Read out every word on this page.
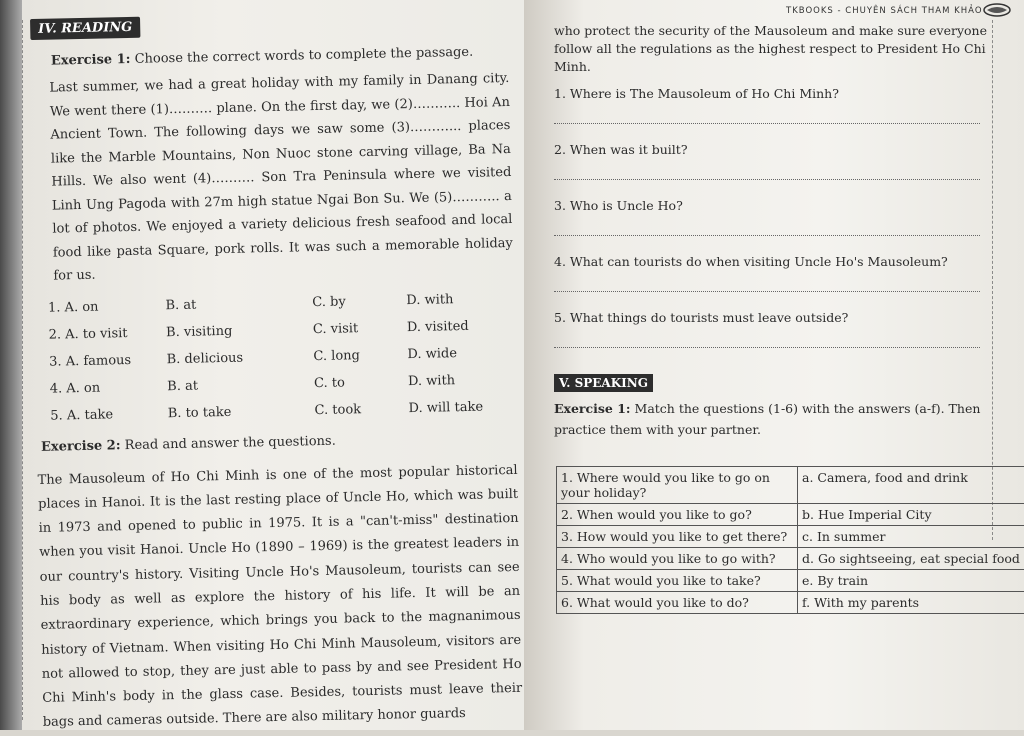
TKBOOKS - CHUYÊN SÁCH THAM KHẢO
IV. READING
Exercise 1: Choose the correct words to complete the passage.
Last summer, we had a great holiday with my family in Danang city. We went there (1)………. plane. On the first day, we (2)……….. Hoi An Ancient Town. The following days we saw some (3)………... places like the Marble Mountains, Non Nuoc stone carving village, Ba Na Hills. We also went (4)………. Son Tra Peninsula where we visited Linh Ung Pagoda with 27m high statue Ngai Bon Su. We (5)……….. a lot of photos. We enjoyed a variety delicious fresh seafood and local food like pasta Square, pork rolls. It was such a memorable holiday for us.
1. A. on	B. at	C. by	D. with
2. A. to visit	B. visiting	C. visit	D. visited
3. A. famous	B. delicious	C. long	D. wide
4. A. on	B. at	C. to	D. with
5. A. take	B. to take	C. took	D. will take
Exercise 2: Read and answer the questions.
The Mausoleum of Ho Chi Minh is one of the most popular historical places in Hanoi. It is the last resting place of Uncle Ho, which was built in 1973 and opened to public in 1975. It is a "can't-miss" destination when you visit Hanoi. Uncle Ho (1890 – 1969) is the greatest leaders in our country's history. Visiting Uncle Ho's Mausoleum, tourists can see his body as well as explore the history of his life. It will be an extraordinary experience, which brings you back to the magnanimous history of Vietnam. When visiting Ho Chi Minh Mausoleum, visitors are not allowed to stop, they are just able to pass by and see President Ho Chi Minh's body in the glass case. Besides, tourists must leave their bags and cameras outside. There are also military honor guards
who protect the security of the Mausoleum and make sure everyone follow all the regulations as the highest respect to President Ho Chi Minh.
1. Where is The Mausoleum of Ho Chi Minh?
2. When was it built?
3. Who is Uncle Ho?
4. What can tourists do when visiting Uncle Ho's Mausoleum?
5. What things do tourists must leave outside?
V. SPEAKING
Exercise 1: Match the questions (1-6) with the answers (a-f). Then practice them with your partner.
1. Where would you like to go on your holiday?	a. Camera, food and drink
2. When would you like to go?	b. Hue Imperial City
3. How would you like to get there?	c. In summer
4. Who would you like to go with?	d. Go sightseeing, eat special food
5. What would you like to take?	e. By train
6. What would you like to do?	f. With my parents
